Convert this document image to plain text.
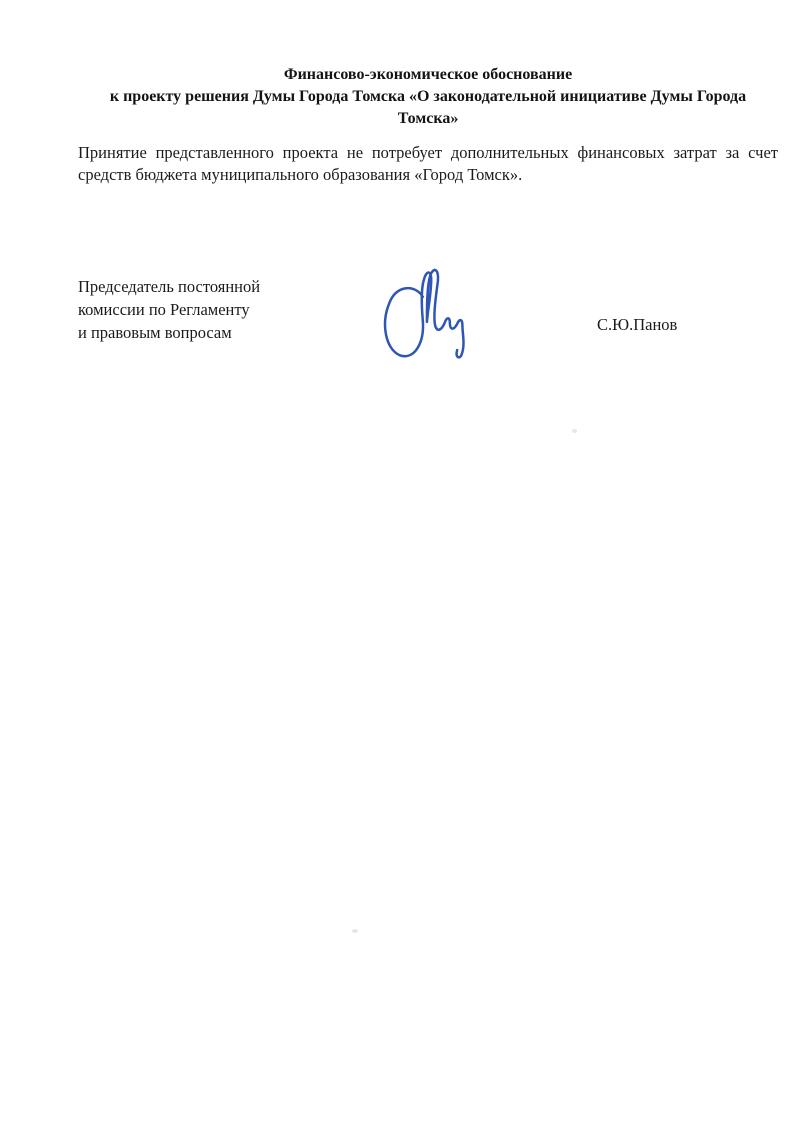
Финансово-экономическое обоснование
к проекту решения Думы Города Томска «О законодательной инициативе Думы Города
Томска»
Принятие представленного проекта не потребует дополнительных финансовых затрат за счет
средств бюджета муниципального образования «Город Томск».
Председатель постоянной
комиссии по Регламенту
и правовым вопросам	С.Ю.Панов
